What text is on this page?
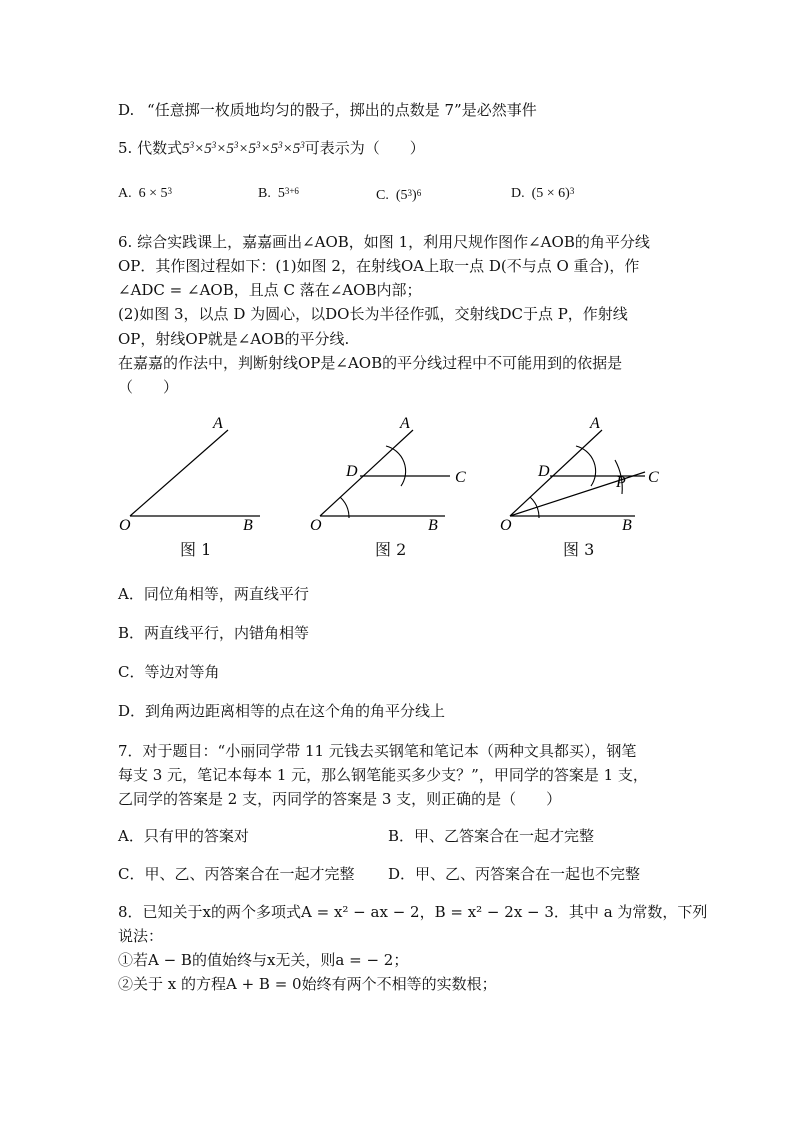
D. “任意掷一枚质地均匀的骰子，掷出的点数是 7”是必然事件
5. 代数式$5^3\times 5^3\times 5^3\times 5^3\times 5^3\times 5^3$可表示为（　　）
A. $6 \times 5^3$	B. $5^{3+6}$	C. $(5^3)^6$	D. $(5 \times 6)^3$
6. 综合实践课上，嘉嘉画出∠AOB，如图 1，利用尺规作图作∠AOB的角平分线
OP．其作图过程如下：(1)如图 2，在射线OA上取一点 D(不与点 O 重合)，作
∠ADC = ∠AOB，且点 C 落在∠AOB内部；
(2)如图 3，以点 D 为圆心，以DO长为半径作弧，交射线DC于点 P，作射线
OP，射线OP就是∠AOB的平分线.
在嘉嘉的作法中，判断射线OP是∠AOB的平分线过程中不可能用到的依据是
（　　）
O	B
A
O	B
A
D	C
O	B
A
D
P C
图 1	图 2	图 3
A．同位角相等，两直线平行
B．两直线平行，内错角相等
C．等边对等角
D．到角两边距离相等的点在这个角的角平分线上
7．对于题目：“小丽同学带 11 元钱去买钢笔和笔记本（两种文具都买），钢笔
每支 3 元，笔记本每本 1 元，那么钢笔能买多少支？”，甲同学的答案是 1 支，
乙同学的答案是 2 支，丙同学的答案是 3 支，则正确的是（　　）
A．只有甲的答案对	B．甲、乙答案合在一起才完整
C．甲、乙、丙答案合在一起才完整 D．甲、乙、丙答案合在一起也不完整
8．已知关于x的两个多项式A = x² − ax − 2，B = x² − 2x − 3．其中 a 为常数，下列
说法：
①若A − B的值始终与x无关，则a = − 2；
②关于 x 的方程A + B = 0始终有两个不相等的实数根；
